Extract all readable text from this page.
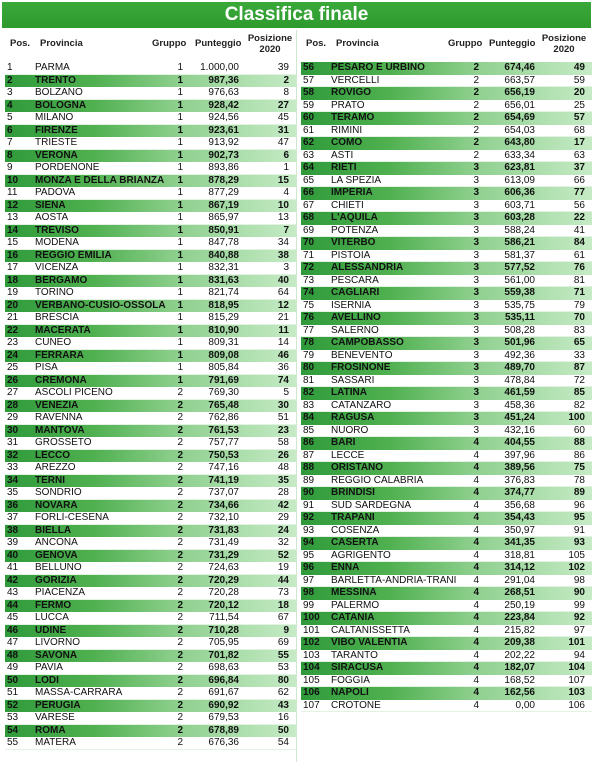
Classifica finale
Pos. Provincia	Gruppo Punteggio Posizione
2020
Pos. Provincia	Gruppo Punteggio Posizione
2020
1	PARMA	1	1.000,00	39
2	TRENTO	1	987,36	2
3	BOLZANO	1	976,63	8
4	BOLOGNA	1	928,42	27
5	MILANO	1	924,56	45
6	FIRENZE	1	923,61	31
7	TRIESTE	1	913,92	47
8	VERONA	1	902,73	6
9	PORDENONE	1	893,86	1
10	MONZA E DELLA BRIANZA	1	878,29	15
11	PADOVA	1	877,29	4
12	SIENA	1	867,19	10
13	AOSTA	1	865,97	13
14	TREVISO	1	850,91	7
15	MODENA	1	847,78	34
16	REGGIO EMILIA	1	840,88	38
17	VICENZA	1	832,31	3
18	BERGAMO	1	831,63	40
19	TORINO	1	821,74	64
20	VERBANO-CUSIO-OSSOLA	1	818,95	12
21	BRESCIA	1	815,29	21
22	MACERATA	1	810,90	11
23	CUNEO	1	809,31	14
24	FERRARA	1	809,08	46
25	PISA	1	805,84	36
26	CREMONA	1	791,69	74
27	ASCOLI PICENO	2	769,30	5
28	VENEZIA	2	765,48	30
29	RAVENNA	2	762,86	51
30	MANTOVA	2	761,53	23
31	GROSSETO	2	757,77	58
32	LECCO	2	750,53	26
33	AREZZO	2	747,16	48
34	TERNI	2	741,19	35
35	SONDRIO	2	737,07	28
36	NOVARA	2	734,66	42
37	FORLÌ-CESENA	2	732,10	29
38	BIELLA	2	731,83	24
39	ANCONA	2	731,49	32
40	GENOVA	2	731,29	52
41	BELLUNO	2	724,63	19
42	GORIZIA	2	720,29	44
43	PIACENZA	2	720,28	73
44	FERMO	2	720,12	18
45	LUCCA	2	711,54	67
46	UDINE	2	710,28	9
47	LIVORNO	2	705,95	69
48	SAVONA	2	701,82	55
49	PAVIA	2	698,63	53
50	LODI	2	696,84	80
51	MASSA-CARRARA	2	691,67	62
52	PERUGIA	2	690,92	43
53	VARESE	2	679,53	16
54	ROMA	2	678,89	50
55	MATERA	2	676,36	54
56	PESARO E URBINO	2	674,46	49
57	VERCELLI	2	663,57	59
58	ROVIGO	2	656,19	20
59	PRATO	2	656,01	25
60	TERAMO	2	654,69	57
61	RIMINI	2	654,03	68
62	COMO	2	643,80	17
63	ASTI	2	633,34	63
64	RIETI	3	623,81	37
65	LA SPEZIA	3	613,09	66
66	IMPERIA	3	606,36	77
67	CHIETI	3	603,71	56
68	L'AQUILA	3	603,28	22
69	POTENZA	3	588,24	41
70	VITERBO	3	586,21	84
71	PISTOIA	3	581,37	61
72	ALESSANDRIA	3	577,52	76
73	PESCARA	3	561,00	81
74	CAGLIARI	3	559,38	71
75	ISERNIA	3	535,75	79
76	AVELLINO	3	535,11	70
77	SALERNO	3	508,28	83
78	CAMPOBASSO	3	501,96	65
79	BENEVENTO	3	492,36	33
80	FROSINONE	3	489,70	87
81	SASSARI	3	478,84	72
82	LATINA	3	461,59	85
83	CATANZARO	3	458,36	82
84	RAGUSA	3	451,24	100
85	NUORO	3	432,16	60
86	BARI	4	404,55	88
87	LECCE	4	397,96	86
88	ORISTANO	4	389,56	75
89	REGGIO CALABRIA	4	376,83	78
90	BRINDISI	4	374,77	89
91	SUD SARDEGNA	4	356,68	96
92	TRAPANI	4	354,43	95
93	COSENZA	4	350,97	91
94	CASERTA	4	341,35	93
95	AGRIGENTO	4	318,81	105
96	ENNA	4	314,12	102
97	BARLETTA-ANDRIA-TRANI	4	291,04	98
98	MESSINA	4	268,51	90
99	PALERMO	4	250,19	99
100	CATANIA	4	223,84	92
101	CALTANISSETTA	4	215,82	97
102	VIBO VALENTIA	4	209,38	101
103	TARANTO	4	202,22	94
104	SIRACUSA	4	182,07	104
105	FOGGIA	4	168,52	107
106	NAPOLI	4	162,56	103
107	CROTONE	4	0,00	106
